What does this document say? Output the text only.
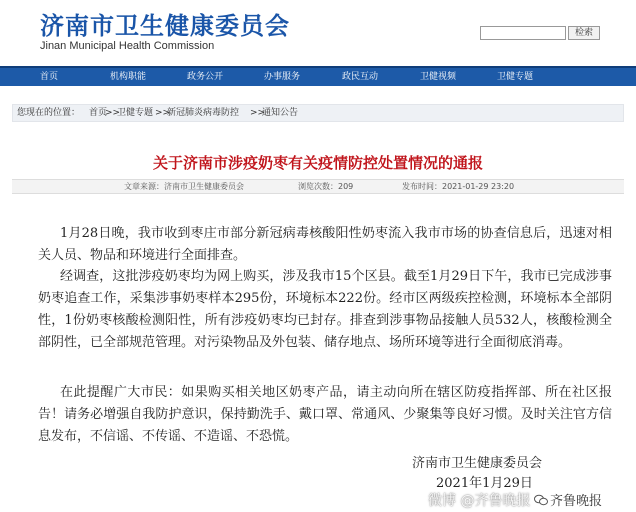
济南市卫生健康委员会
Jinan Municipal Health Commission
检索
首页	机构职能	政务公开	办事服务	政民互动	卫健视频	卫健专题
您现在的位置： 首页
>>
卫健专题 >>
新冠肺炎病毒防控 >>
通知公告
关于济南市涉疫奶枣有关疫情防控处置情况的通报
文章来源：济南市卫生健康委员会	浏览次数：209	发布时间：2021-01-29 23:20

1月28日晚，我市收到枣庄市部分新冠病毒核酸阳性奶枣流入我市市场的协查信息后，迅速对相关人员、物品和环境进行全面排查。

经调查，这批涉疫奶枣均为网上购买，涉及我市15个区县。截至1月29日下午，我市已完成涉事奶枣追查工作，采集涉事奶枣样本295份，环境标本222份。经市区两级疾控检测，环境标本全部阴性，1份奶枣核酸检测阳性，所有涉疫奶枣均已封存。排查到涉事物品接触人员532人，核酸检测全部阴性，已全部规范管理。对污染物品及外包装、储存地点、场所环境等进行全面彻底消毒。

在此提醒广大市民：如果购买相关地区奶枣产品，请主动向所在辖区防疫指挥部、所在社区报告！请务必增强自我防护意识，保持勤洗手、戴口罩、常通风、少聚集等良好习惯。及时关注官方信息发布，不信谣、不传谣、不造谣、不恐慌。

济南市卫生健康委员会
2021年1月29日
微博 @齐鲁晚报	齐鲁晚报
